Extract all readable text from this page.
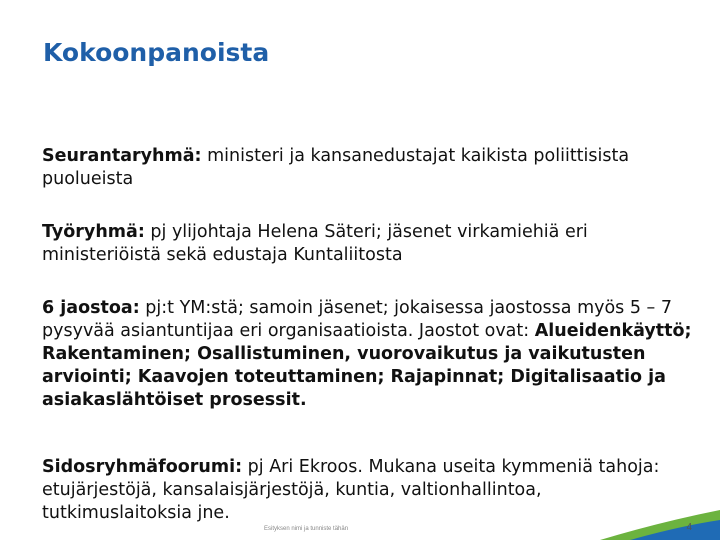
Kokoonpanoista

Seurantaryhmä: ministeri ja kansanedustajat kaikista poliittisista puolueista

Työryhmä: pj ylijohtaja Helena Säteri; jäsenet virkamiehiä eri ministeriöistä sekä edustaja Kuntaliitosta

6 jaostoa: pj:t YM:stä; samoin jäsenet; jokaisessa jaostossa myös 5 – 7 pysyvää asiantuntijaa eri organisaatioista. Jaostot ovat: Alueidenkäyttö; Rakentaminen; Osallistuminen, vuorovaikutus ja vaikutusten arviointi; Kaavojen toteuttaminen; Rajapinnat; Digitalisaatio ja asiakaslähtöiset prosessit.

Sidosryhmäfoorumi: pj Ari Ekroos. Mukana useita kymmeniä tahoja: etujärjestöjä, kansalaisjärjestöjä, kuntia, valtionhallintoa, tutkimuslaitoksia jne.

Esityksen nimi ja tunniste tähän	4
